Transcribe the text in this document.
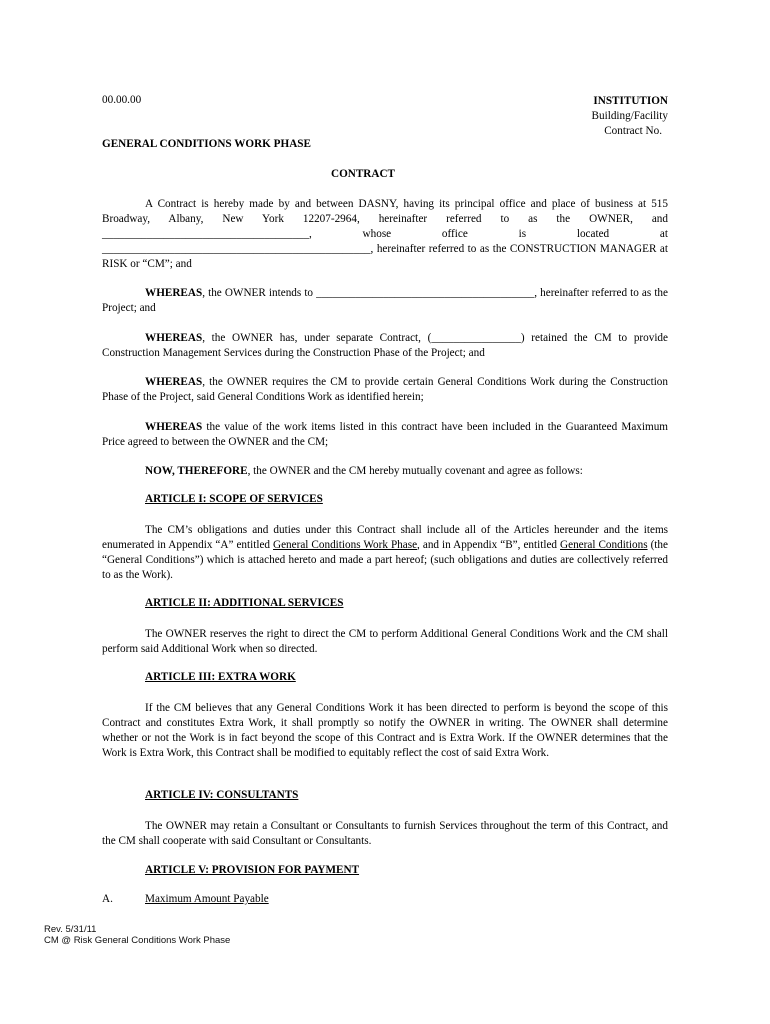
00.00.00	INSTITUTION
Building/Facility
Contract No.
GENERAL CONDITIONS WORK PHASE
CONTRACT
A Contract is hereby made by and between DASNY, having its principal office and place of business at 515 Broadway, Albany, New York 12207-2964, hereinafter referred to as the OWNER, and _____________________________________, whose office is located at ________________________________________________, hereinafter referred to as the CONSTRUCTION MANAGER at RISK or “CM”; and
WHEREAS, the OWNER intends to _______________________________________, hereinafter referred to as the Project; and
WHEREAS, the OWNER has, under separate Contract, (________________) retained the CM to provide Construction Management Services during the Construction Phase of the Project; and
WHEREAS, the OWNER requires the CM to provide certain General Conditions Work during the Construction Phase of the Project, said General Conditions Work as identified herein;
WHEREAS the value of the work items listed in this contract have been included in the Guaranteed Maximum Price agreed to between the OWNER and the CM;
NOW, THEREFORE, the OWNER and the CM hereby mutually covenant and agree as follows:
ARTICLE I: SCOPE OF SERVICES
The CM’s obligations and duties under this Contract shall include all of the Articles hereunder and the items enumerated in Appendix “A” entitled General Conditions Work Phase, and in Appendix “B”, entitled General Conditions (the “General Conditions”) which is attached hereto and made a part hereof; (such obligations and duties are collectively referred to as the Work).
ARTICLE II: ADDITIONAL SERVICES
The OWNER reserves the right to direct the CM to perform Additional General Conditions Work and the CM shall perform said Additional Work when so directed.
ARTICLE III: EXTRA WORK
If the CM believes that any General Conditions Work it has been directed to perform is beyond the scope of this Contract and constitutes Extra Work, it shall promptly so notify the OWNER in writing. The OWNER shall determine whether or not the Work is in fact beyond the scope of this Contract and is Extra Work. If the OWNER determines that the Work is Extra Work, this Contract shall be modified to equitably reflect the cost of said Extra Work.
ARTICLE IV: CONSULTANTS
The OWNER may retain a Consultant or Consultants to furnish Services throughout the term of this Contract, and the CM shall cooperate with said Consultant or Consultants.
ARTICLE V: PROVISION FOR PAYMENT
A.	Maximum Amount Payable
Rev. 5/31/11
CM @ Risk General Conditions Work Phase
